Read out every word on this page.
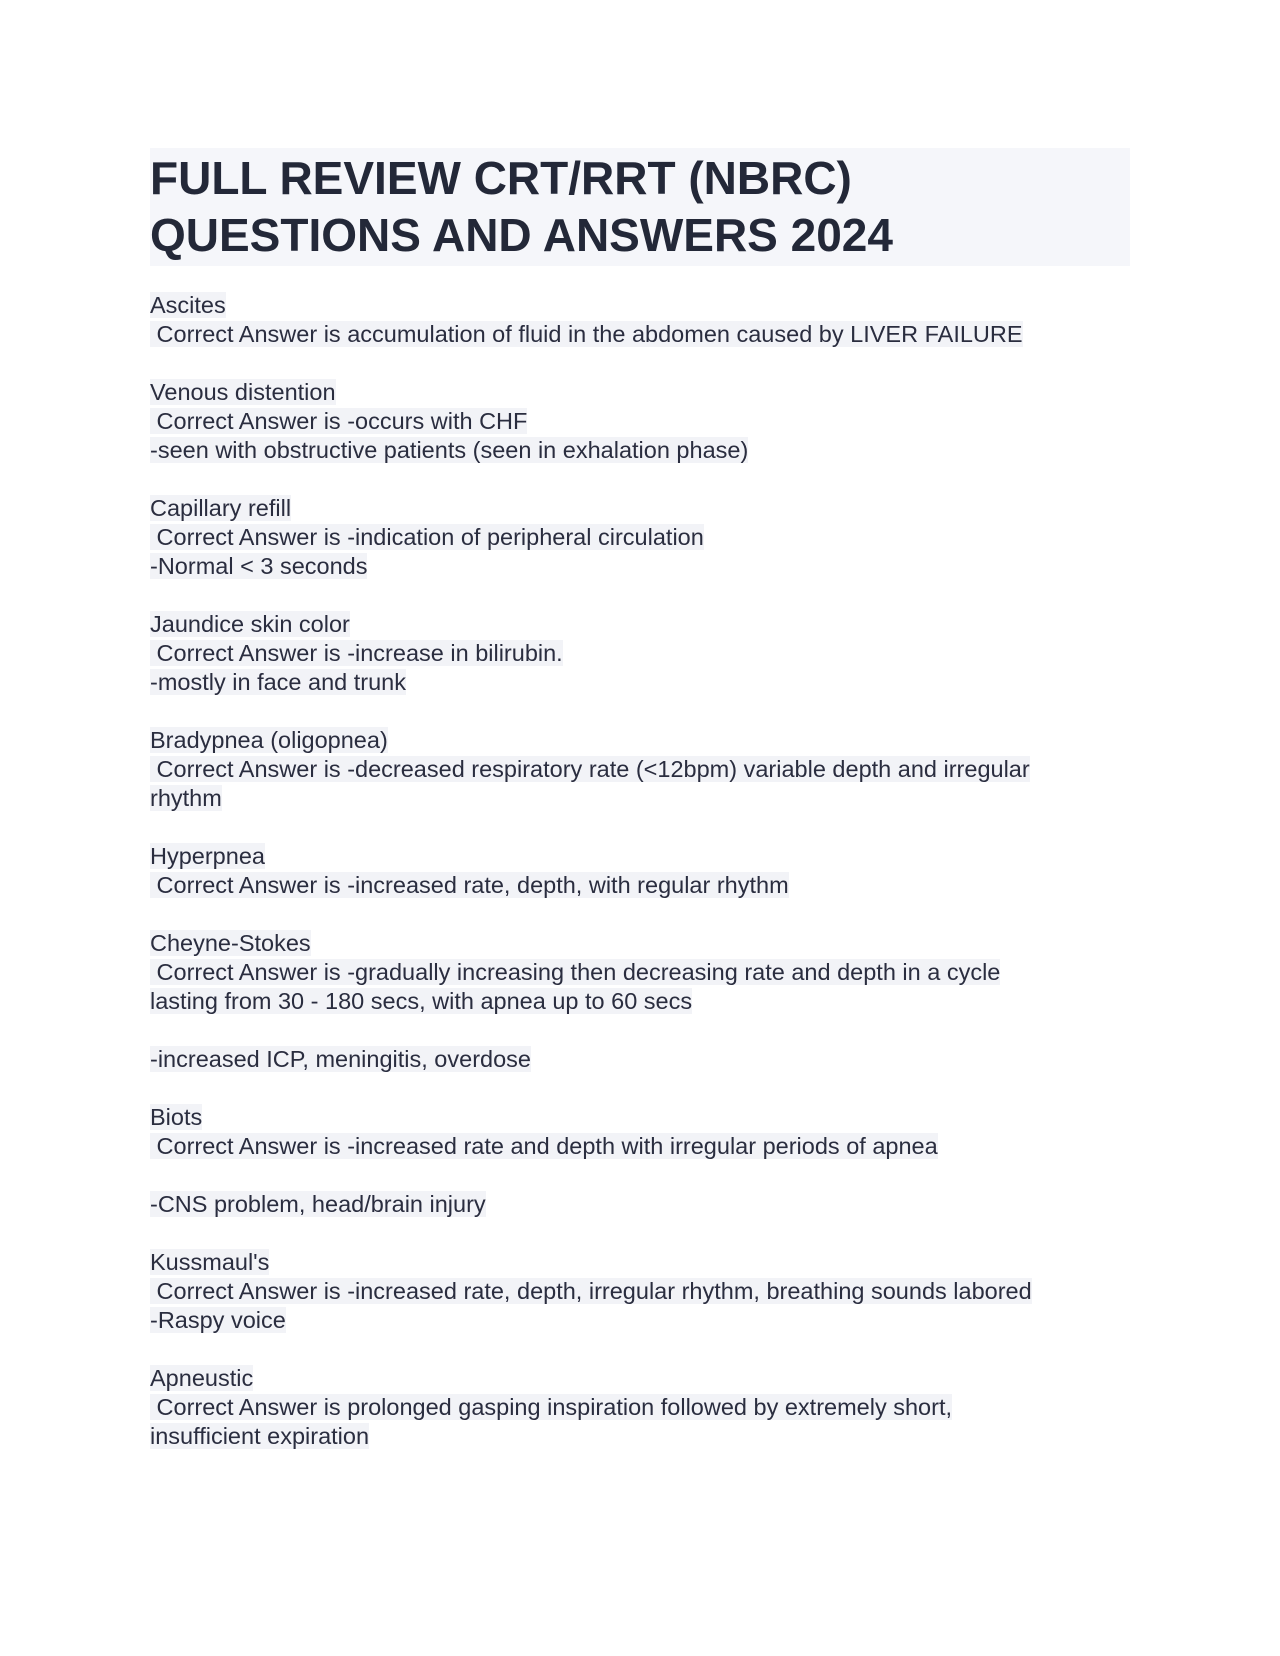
FULL REVIEW CRT/RRT (NBRC)
QUESTIONS AND ANSWERS 2024
Ascites
Correct Answer is accumulation of fluid in the abdomen caused by LIVER FAILURE
Venous distention
Correct Answer is -occurs with CHF
-seen with obstructive patients (seen in exhalation phase)
Capillary refill
Correct Answer is -indication of peripheral circulation
-Normal < 3 seconds
Jaundice skin color
Correct Answer is -increase in bilirubin.
-mostly in face and trunk
Bradypnea (oligopnea)
Correct Answer is -decreased respiratory rate (<12bpm) variable depth and irregular
rhythm
Hyperpnea
Correct Answer is -increased rate, depth, with regular rhythm
Cheyne-Stokes
Correct Answer is -gradually increasing then decreasing rate and depth in a cycle
lasting from 30 - 180 secs, with apnea up to 60 secs
-increased ICP, meningitis, overdose
Biots
Correct Answer is -increased rate and depth with irregular periods of apnea
-CNS problem, head/brain injury
Kussmaul's
Correct Answer is -increased rate, depth, irregular rhythm, breathing sounds labored
-Raspy voice
Apneustic
Correct Answer is prolonged gasping inspiration followed by extremely short,
insufficient expiration
